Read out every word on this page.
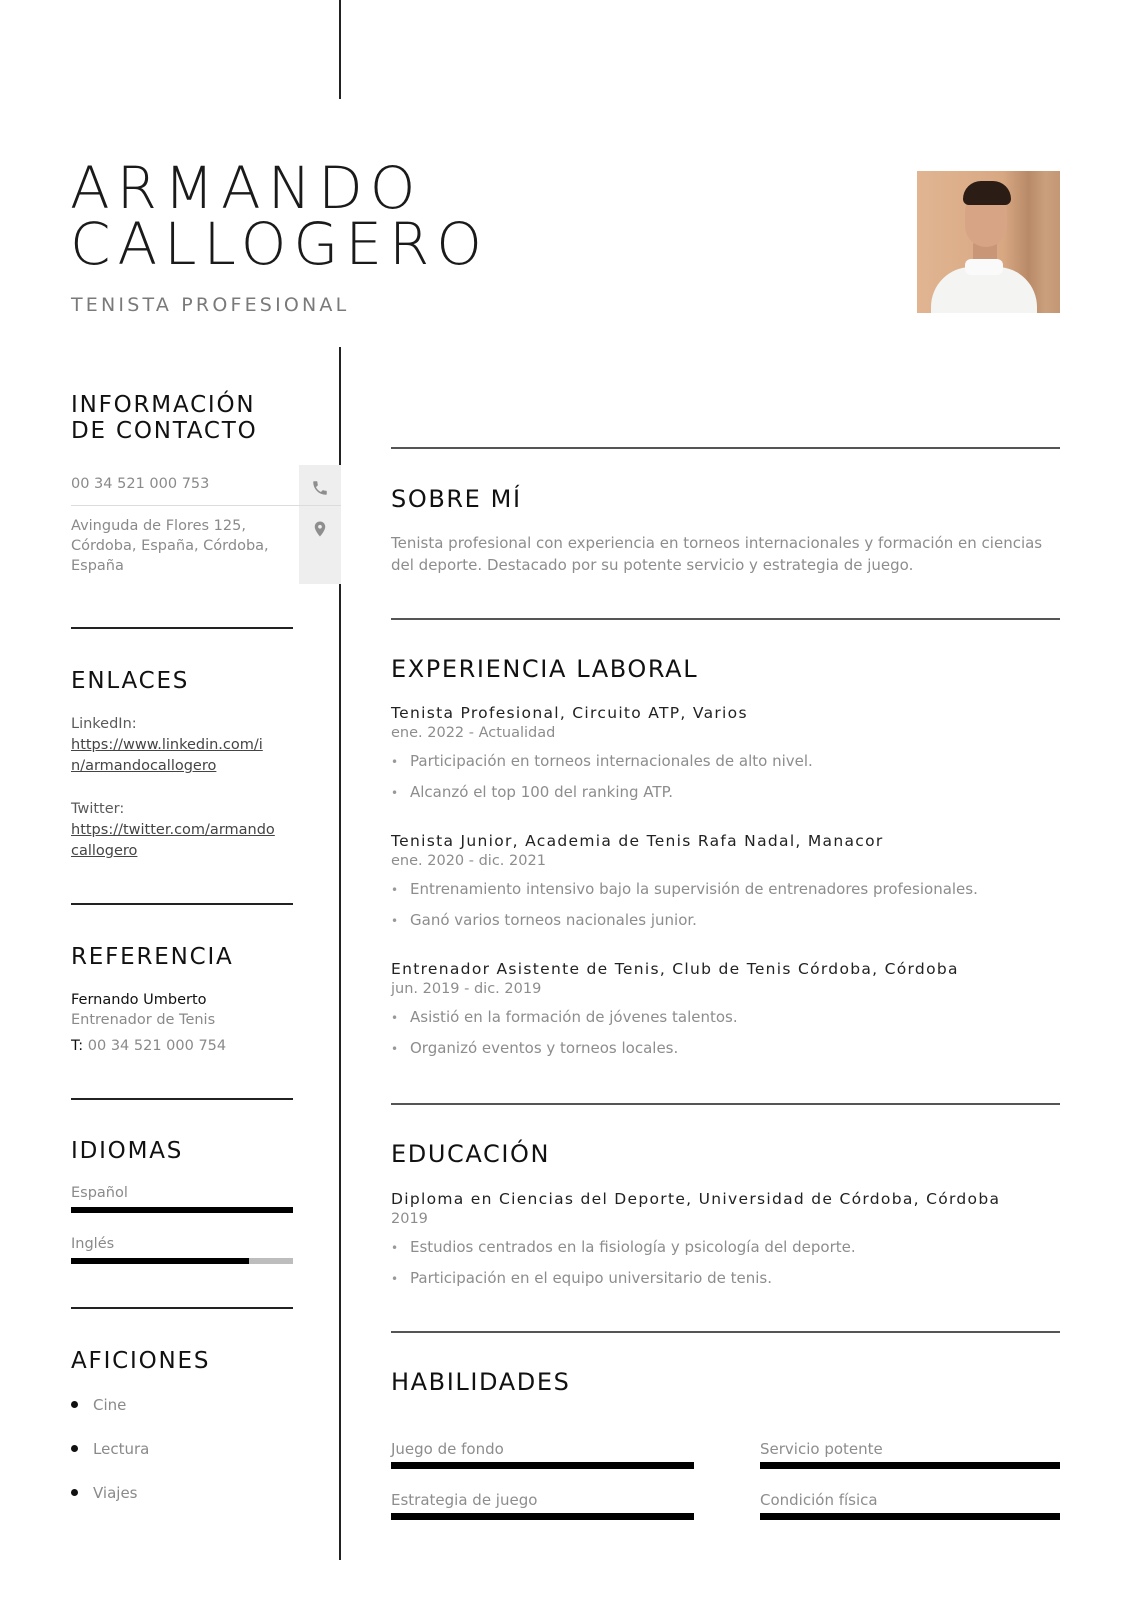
ARMANDO
CALLOGERO
TENISTA PROFESIONAL
INFORMACIÓN
DE CONTACTO
00 34 521 000 753
Avinguda de Flores 125,
Córdoba, España, Córdoba,
España
ENLACES
LinkedIn:
https://www.linkedin.com/i
n/armandocallogero
Twitter:
https://twitter.com/armando
callogero
REFERENCIA
Fernando Umberto
Entrenador de Tenis
T: 00 34 521 000 754
IDIOMAS
Español
Inglés
AFICIONES
Cine
Lectura
Viajes
SOBRE MÍ
Tenista profesional con experiencia en torneos internacionales y formación en ciencias
del deporte. Destacado por su potente servicio y estrategia de juego.
EXPERIENCIA LABORAL
Tenista Profesional, Circuito ATP, Varios
ene. 2022 - Actualidad
• Participación en torneos internacionales de alto nivel.
• Alcanzó el top 100 del ranking ATP.
Tenista Junior, Academia de Tenis Rafa Nadal, Manacor
ene. 2020 - dic. 2021
• Entrenamiento intensivo bajo la supervisión de entrenadores profesionales.
• Ganó varios torneos nacionales junior.
Entrenador Asistente de Tenis, Club de Tenis Córdoba, Córdoba
jun. 2019 - dic. 2019
• Asistió en la formación de jóvenes talentos.
• Organizó eventos y torneos locales.
EDUCACIÓN
Diploma en Ciencias del Deporte, Universidad de Córdoba, Córdoba
2019
• Estudios centrados en la fisiología y psicología del deporte.
• Participación en el equipo universitario de tenis.
HABILIDADES
Juego de fondo	Servicio potente
Estrategia de juego	Condición física
